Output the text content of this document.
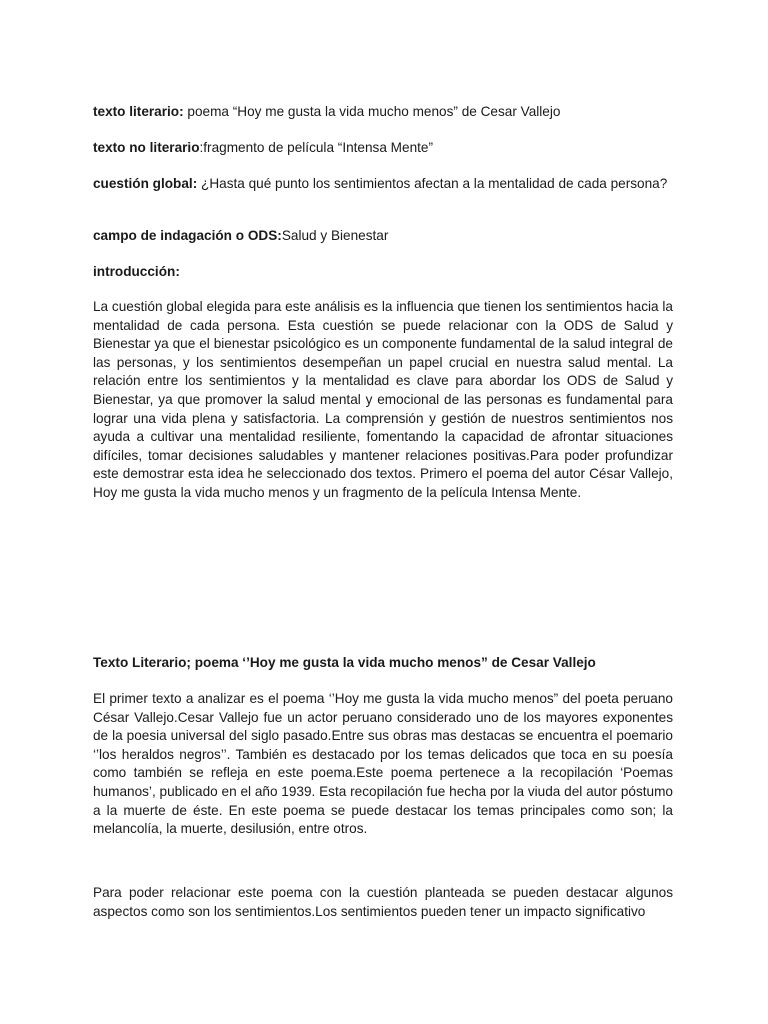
texto literario: poema “Hoy me gusta la vida mucho menos” de Cesar Vallejo

texto no literario:fragmento de película “Intensa Mente”

cuestión global: ¿Hasta qué punto los sentimientos afectan a la mentalidad de cada persona?

campo de indagación o ODS:Salud y Bienestar

introducción:

La cuestión global elegida para este análisis es la influencia que tienen los sentimientos hacia la mentalidad de cada persona. Esta cuestión se puede relacionar con la ODS de Salud y Bienestar ya que el bienestar psicológico es un componente fundamental de la salud integral de las personas, y los sentimientos desempeñan un papel crucial en nuestra salud mental. La relación entre los sentimientos y la mentalidad es clave para abordar los ODS de Salud y Bienestar, ya que promover la salud mental y emocional de las personas es fundamental para lograr una vida plena y satisfactoria. La comprensión y gestión de nuestros sentimientos nos ayuda a cultivar una mentalidad resiliente, fomentando la capacidad de afrontar situaciones difíciles, tomar decisiones saludables y mantener relaciones positivas.Para poder profundizar este demostrar esta idea he seleccionado dos textos. Primero el poema del autor César Vallejo, Hoy me gusta la vida mucho menos y un fragmento de la película Intensa Mente.

Texto Literario; poema ‘’Hoy me gusta la vida mucho menos” de Cesar Vallejo

El primer texto a analizar es el poema ‘’Hoy me gusta la vida mucho menos” del poeta peruano César Vallejo.Cesar Vallejo fue un actor peruano considerado uno de los mayores exponentes de la poesia universal del siglo pasado.Entre sus obras mas destacas se encuentra el poemario ‘’los heraldos negros’’. También es destacado por los temas delicados que toca en su poesía como también se refleja en este poema.Este poema pertenece a la recopilación ‘Poemas humanos’, publicado en el año 1939. Esta recopilación fue hecha por la viuda del autor póstumo a la muerte de éste. En este poema se puede destacar los temas principales como son; la melancolía, la muerte, desilusión, entre otros.

Para poder relacionar este poema con la cuestión planteada se pueden destacar algunos aspectos como son los sentimientos.Los sentimientos pueden tener un impacto significativo
